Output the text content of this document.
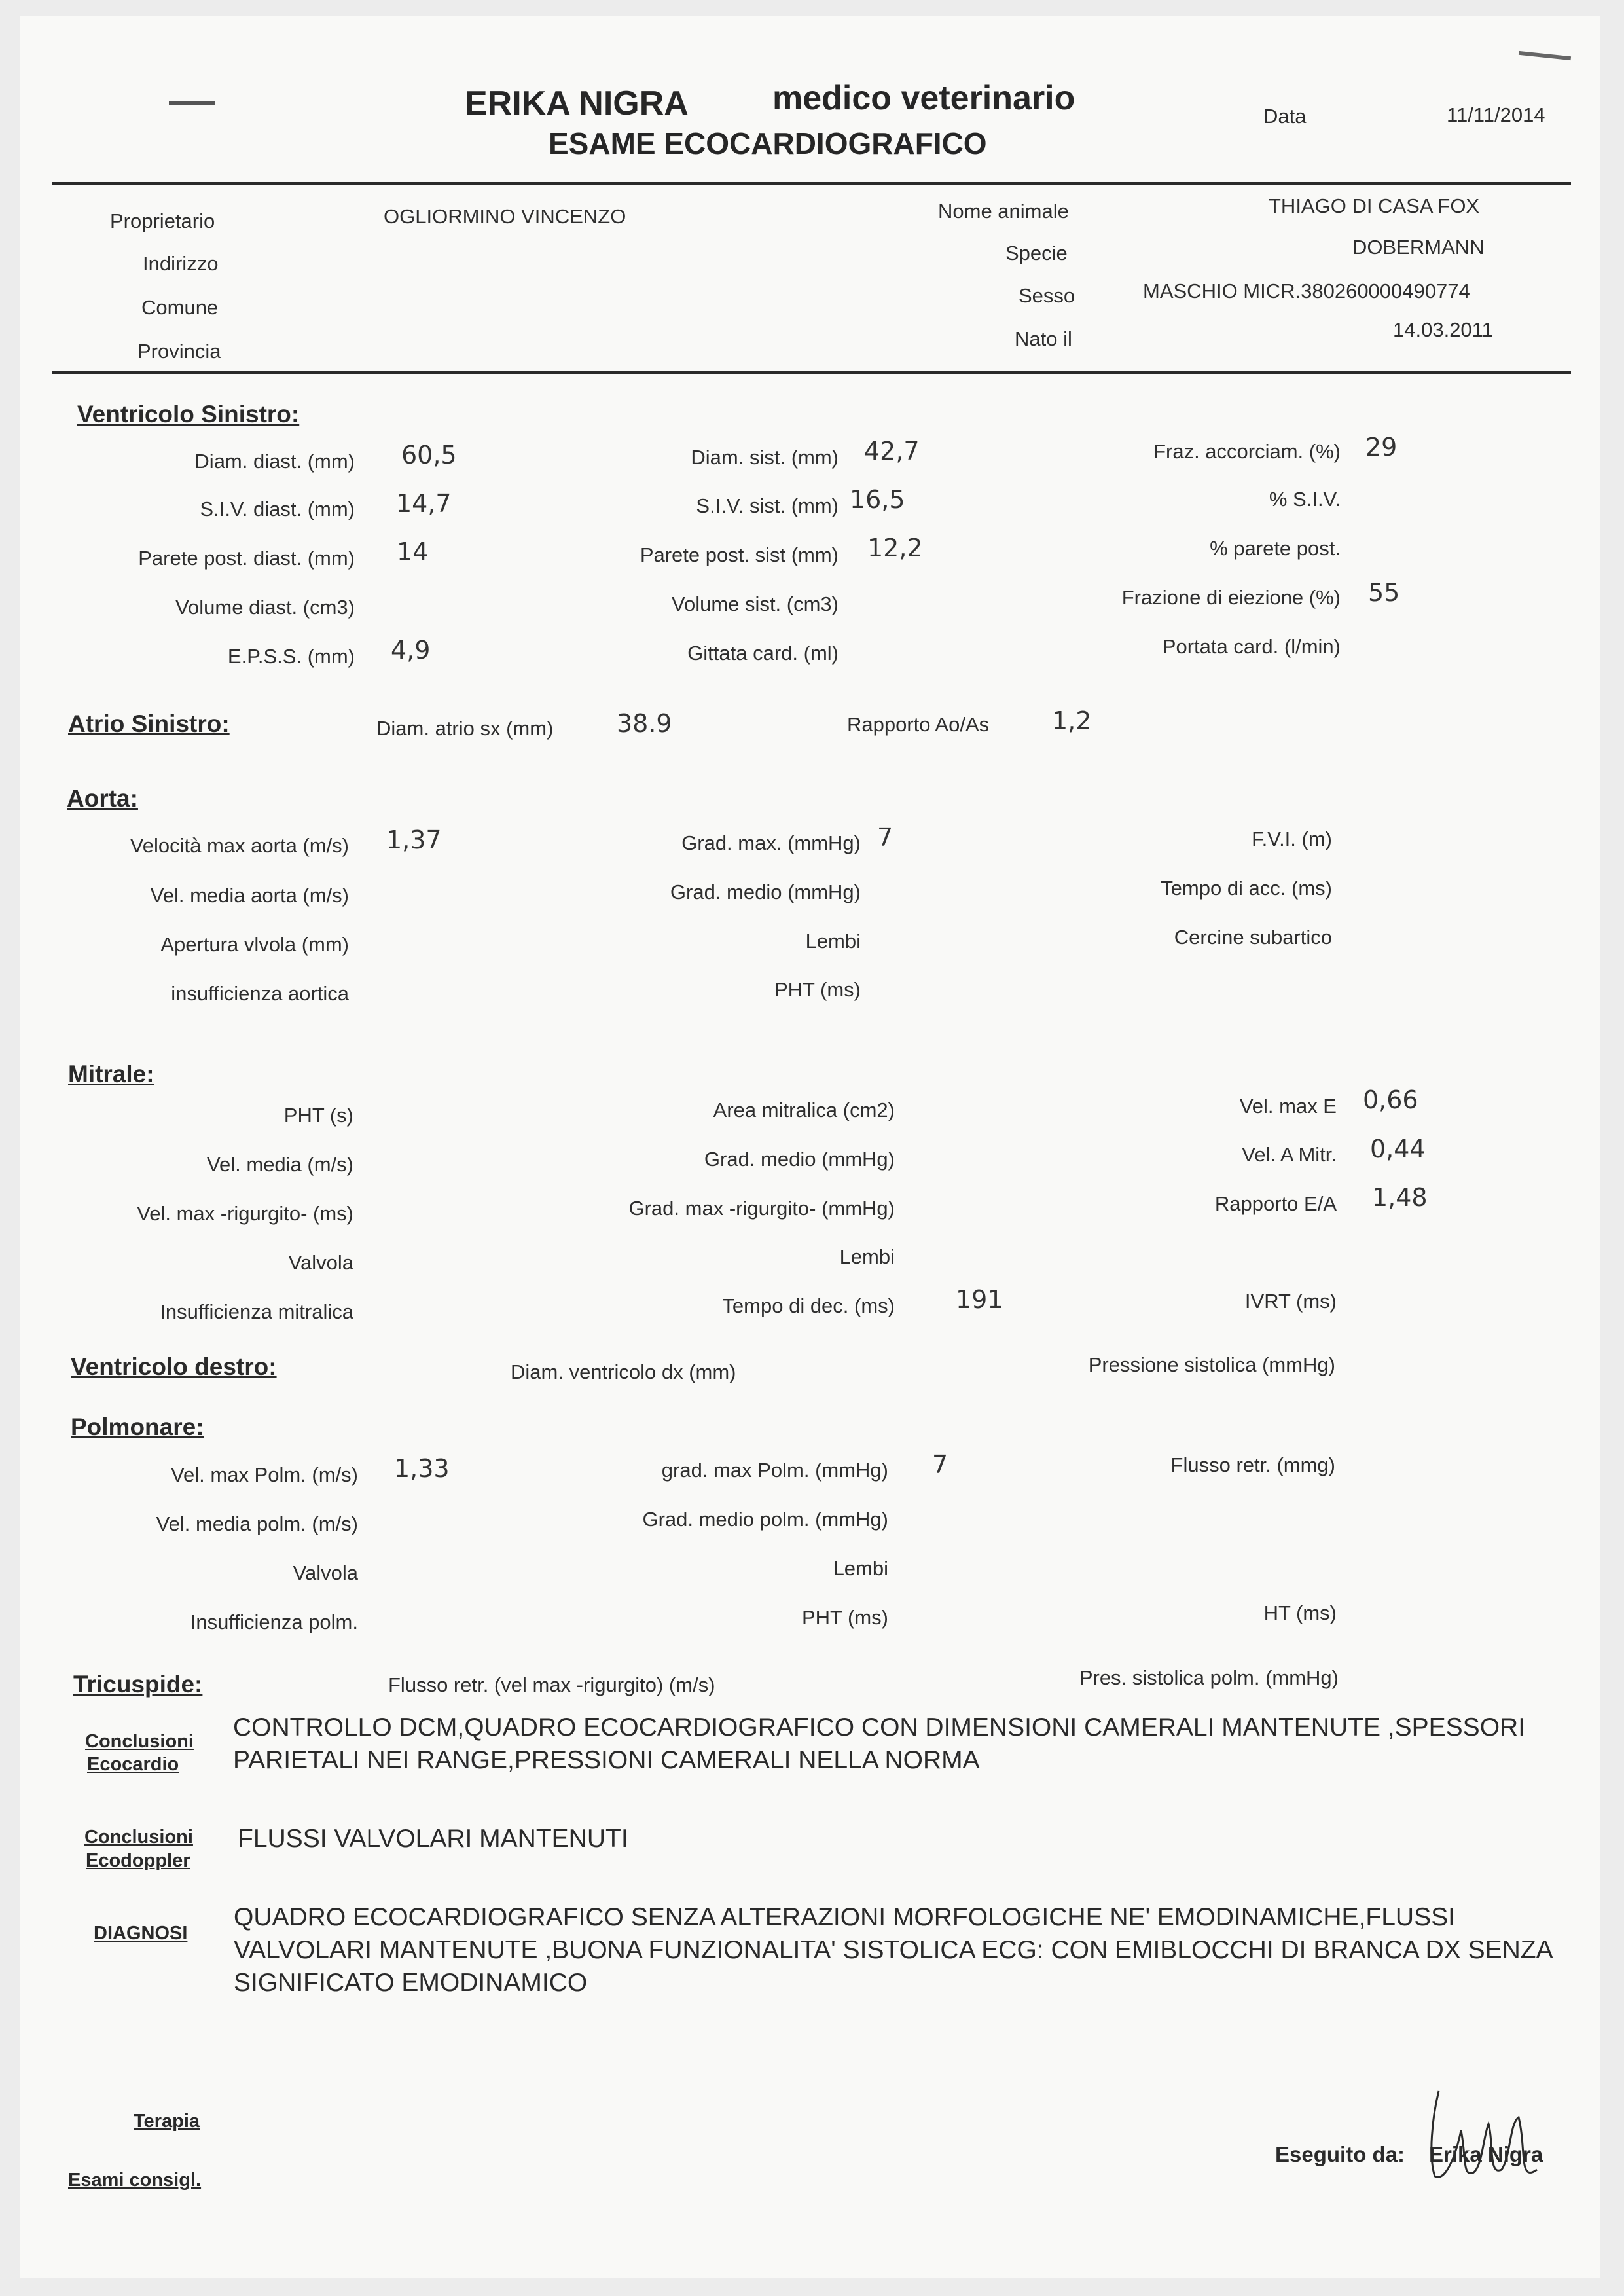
ERIKA NIGRA medico veterinario
ESAME ECOCARDIOGRAFICO
Data	11/11/2014
Proprietario	OGLIORMINO VINCENZO
Indirizzo
Comune
Provincia
Nome animale	THIAGO DI CASA FOX
Specie	DOBERMANN
Sesso	MASCHIO MICR.380260000490774
Nato il	14.03.2011
Ventricolo Sinistro:
Diam. diast. (mm) 60,5	Diam. sist. (mm) 42,7	Fraz. accorciam. (%) 29
S.I.V. diast. (mm) 14,7	S.I.V. sist. (mm) 16,5	% S.I.V.
Parete post. diast. (mm) 14	Parete post. sist (mm) 12,2	% parete post.
Volume diast. (cm3)	Volume sist. (cm3)	Frazione di eiezione (%) 55
E.P.S.S. (mm) 4,9	Gittata card. (ml)	Portata card. (l/min)
Atrio Sinistro:	Diam. atrio sx (mm)	38.9	Rapporto Ao/As	1,2
Aorta:
Velocità max aorta (m/s) 1,37	Grad. max. (mmHg) 7	F.V.I. (m)
Vel. media aorta (m/s)	Grad. medio (mmHg)	Tempo di acc. (ms)
Apertura vlvola (mm)	Lembi	Cercine subartico
insufficienza aortica	PHT (ms)
Mitrale:
PHT (s)	Area mitralica (cm2)	Vel. max E 0,66
Vel. media (m/s)	Grad. medio (mmHg)	Vel. A Mitr. 0,44
Vel. max -rigurgito- (ms)	Grad. max -rigurgito- (mmHg)	Rapporto E/A 1,48
Valvola	Lembi
Insufficienza mitralica	Tempo di dec. (ms) 191	IVRT (ms)
Ventricolo destro:	Diam. ventricolo dx (mm)	Pressione sistolica (mmHg)
Polmonare:
Vel. max Polm. (m/s) 1,33	grad. max Polm. (mmHg) 7	Flusso retr. (mmg)
Vel. media polm. (m/s)	Grad. medio polm. (mmHg)
Valvola	Lembi
Insufficienza polm.	PHT (ms)	HT (ms)
Tricuspide:	Flusso retr. (vel max -rigurgito) (m/s)	Pres. sistolica polm. (mmHg)
Conclusioni
Ecocardio
CONTROLLO DCM,QUADRO ECOCARDIOGRAFICO CON DIMENSIONI CAMERALI MANTENUTE ,SPESSORI PARIETALI NEI RANGE,PRESSIONI CAMERALI NELLA NORMA
Conclusioni
Ecodoppler
FLUSSI VALVOLARI MANTENUTI
DIAGNOSI
QUADRO ECOCARDIOGRAFICO SENZA ALTERAZIONI MORFOLOGICHE NE' EMODINAMICHE,FLUSSI VALVOLARI MANTENUTE ,BUONA FUNZIONALITA' SISTOLICA ECG: CON EMIBLOCCHI DI BRANCA DX SENZA SIGNIFICATO EMODINAMICO
Terapia
Esami consigl.
Eseguito da: Erika Nigra
